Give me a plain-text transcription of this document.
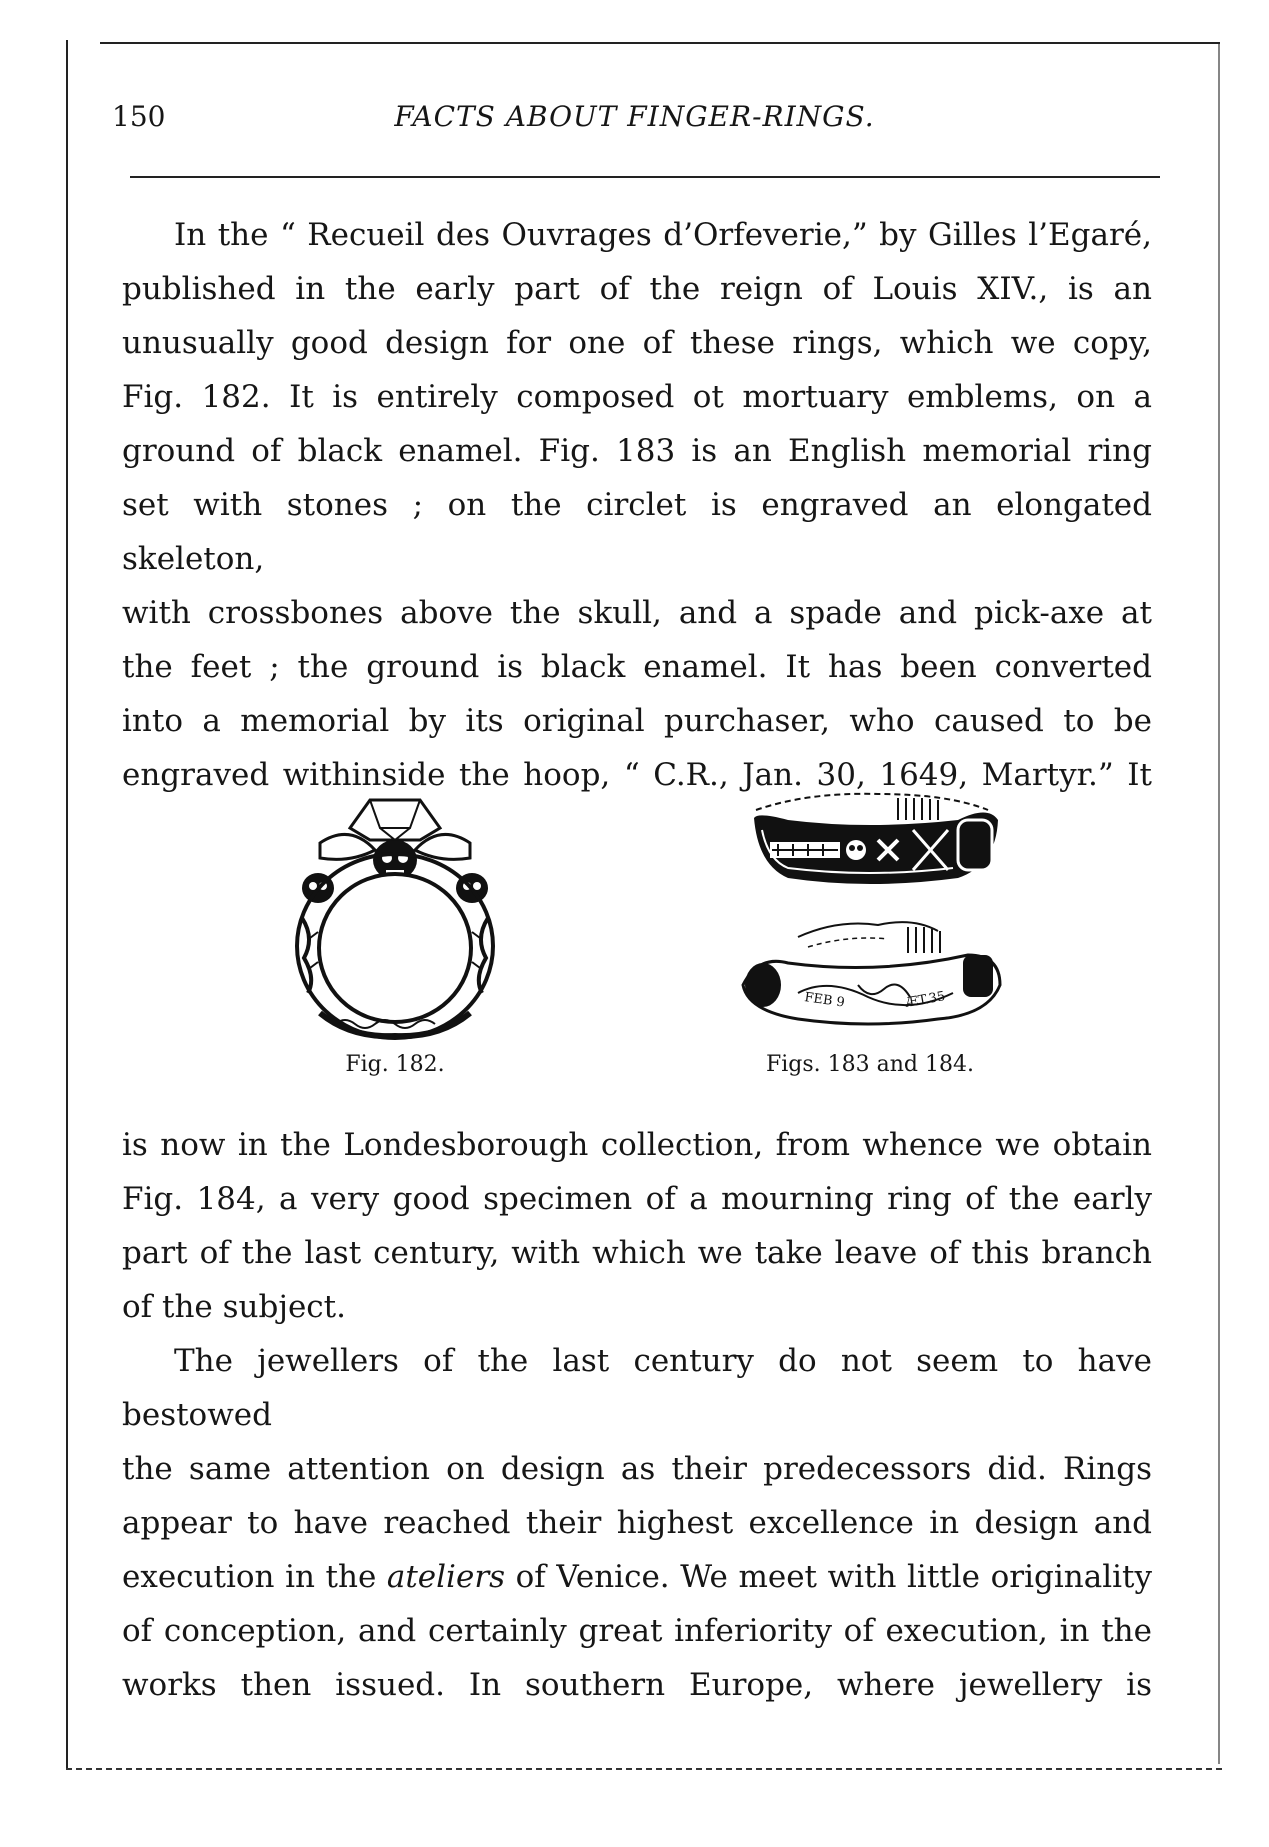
150	FACTS ABOUT FINGER-RINGS.

In the “ Recueil des Ouvrages d’Orfeverie,” by Gilles l’Egaré,

published in the early part of the reign of Louis XIV., is an

unusually good design for one of these rings, which we copy,

Fig. 182. It is entirely composed ot mortuary emblems, on a

ground of black enamel. Fig. 183 is an English memorial ring

set with stones ; on the circlet is engraved an elongated skeleton,

with crossbones above the skull, and a spade and pick-axe at

the feet ; the ground is black enamel. It has been converted

into a memorial by its original purchaser, who caused to be

engraved withinside the hoop, “ C.R., Jan. 30, 1649, Martyr.” It

Fig. 182.
FEB 9	ÆT.35
Figs. 183 and 184.

is now in the Londesborough collection, from whence we obtain

Fig. 184, a very good specimen of a mourning ring of the early

part of the last century, with which we take leave of this branch

of the subject.

The jewellers of the last century do not seem to have bestowed

the same attention on design as their predecessors did. Rings

appear to have reached their highest excellence in design and

execution in the ateliers of Venice. We meet with little originality

of conception, and certainly great inferiority of execution, in the

works then issued. In southern Europe, where jewellery is
